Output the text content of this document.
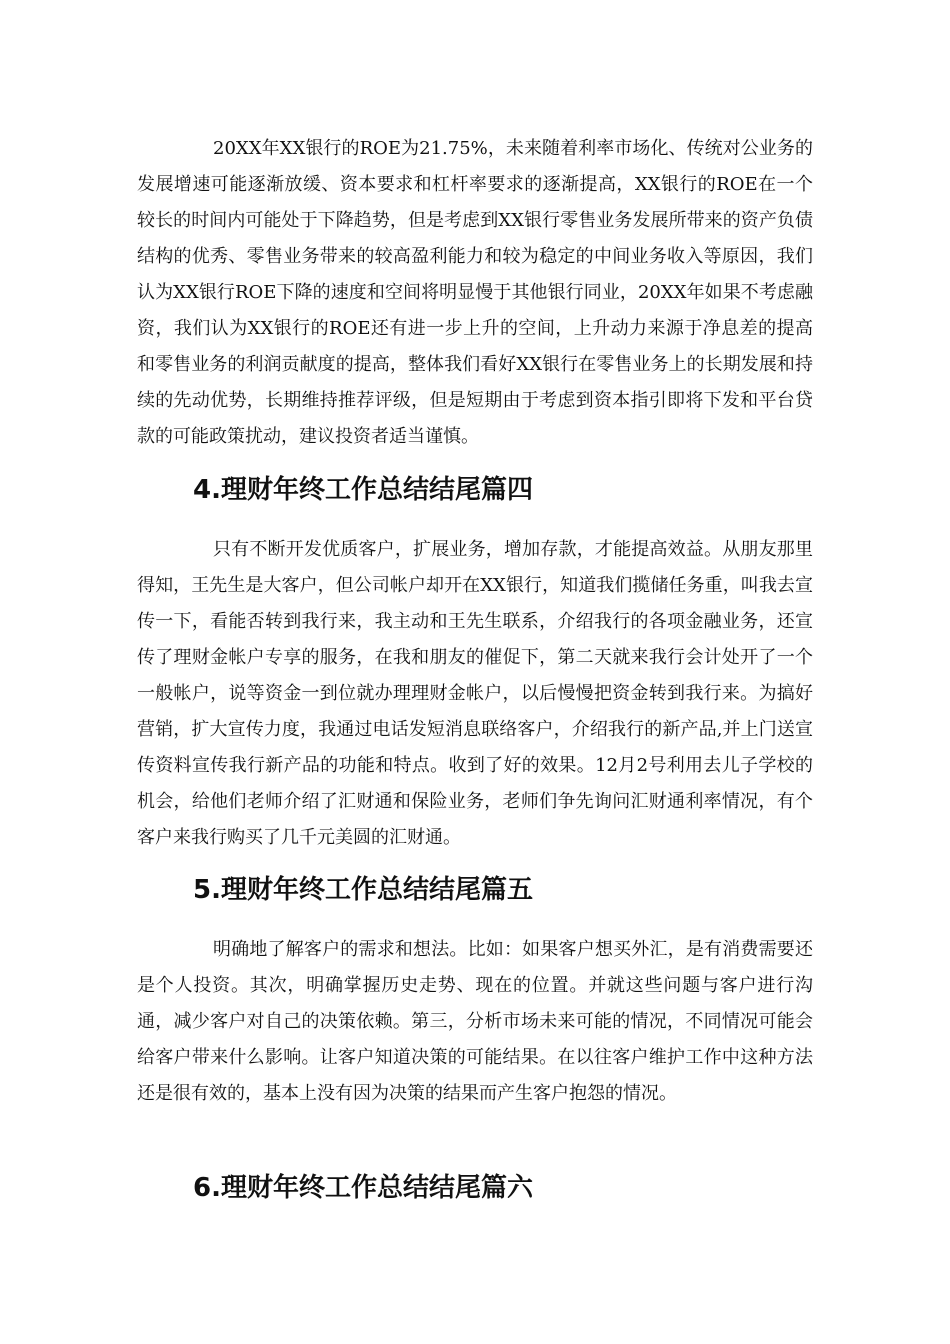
20XX年XX银行的ROE为21.75%，未来随着利率市场化、传统对公业务的发展增速可能逐渐放缓、资本要求和杠杆率要求的逐渐提高，XX银行的ROE在一个较长的时间内可能处于下降趋势，但是考虑到XX银行零售业务发展所带来的资产负债结构的优秀、零售业务带来的较高盈利能力和较为稳定的中间业务收入等原因，我们认为XX银行ROE下降的速度和空间将明显慢于其他银行同业，20XX年如果不考虑融资，我们认为XX银行的ROE还有进一步上升的空间，上升动力来源于净息差的提高和零售业务的利润贡献度的提高，整体我们看好XX银行在零售业务上的长期发展和持续的先动优势，长期维持推荐评级，但是短期由于考虑到资本指引即将下发和平台贷款的可能政策扰动，建议投资者适当谨慎。

4.理财年终工作总结结尾篇四

只有不断开发优质客户，扩展业务，增加存款，才能提高效益。从朋友那里得知，王先生是大客户，但公司帐户却开在XX银行，知道我们揽储任务重，叫我去宣传一下，看能否转到我行来，我主动和王先生联系，介绍我行的各项金融业务，还宣传了理财金帐户专享的服务，在我和朋友的催促下，第二天就来我行会计处开了一个一般帐户，说等资金一到位就办理理财金帐户，以后慢慢把资金转到我行来。为搞好营销，扩大宣传力度，我通过电话发短消息联络客户，介绍我行的新产品,并上门送宣传资料宣传我行新产品的功能和特点。收到了好的效果。12月2号利用去儿子学校的机会，给他们老师介绍了汇财通和保险业务，老师们争先询问汇财通利率情况，有个客户来我行购买了几千元美圆的汇财通。

5.理财年终工作总结结尾篇五

明确地了解客户的需求和想法。比如：如果客户想买外汇，是有消费需要还是个人投资。其次，明确掌握历史走势、现在的位置。并就这些问题与客户进行沟通，减少客户对自己的决策依赖。第三，分析市场未来可能的情况，不同情况可能会给客户带来什么影响。让客户知道决策的可能结果。在以往客户维护工作中这种方法还是很有效的，基本上没有因为决策的结果而产生客户抱怨的情况。

6.理财年终工作总结结尾篇六
